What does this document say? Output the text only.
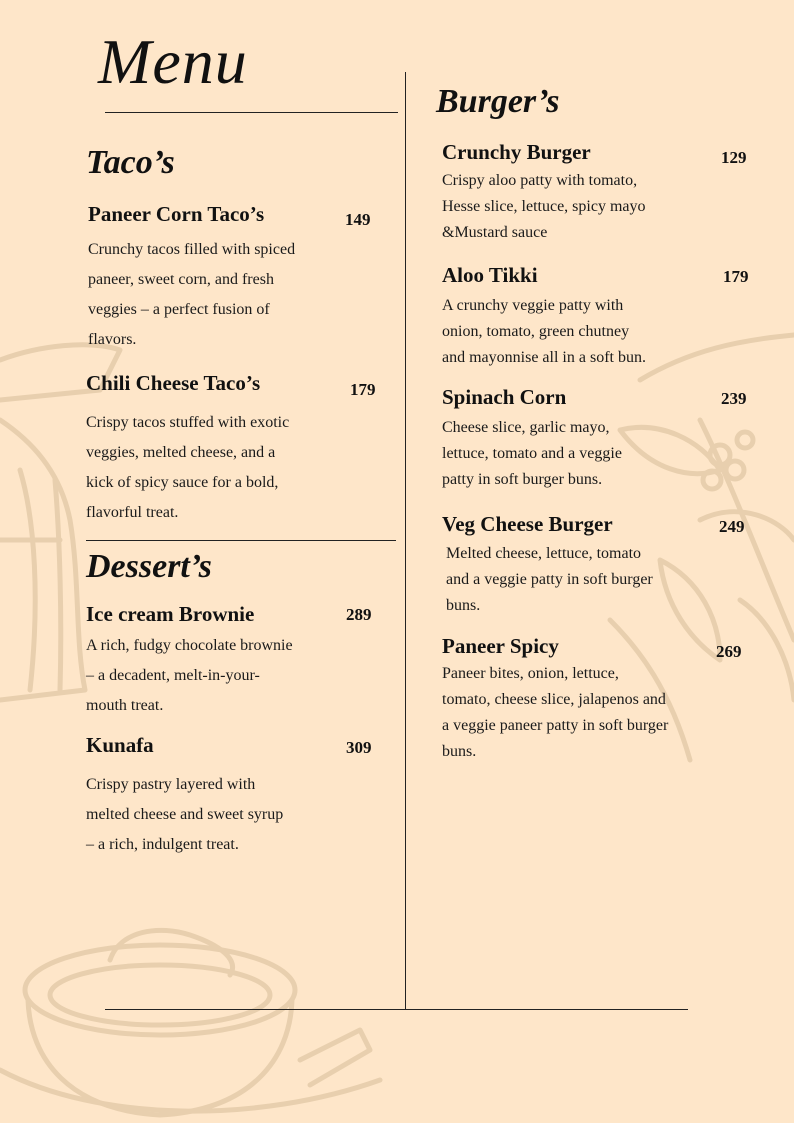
Menu
Taco’s
Paneer Corn Taco’s	149
Crunchy tacos filled with spiced
paneer, sweet corn, and fresh
veggies – a perfect fusion of
flavors.
Chili Cheese Taco’s	179
Crispy tacos stuffed with exotic
veggies, melted cheese, and a
kick of spicy sauce for a bold,
flavorful treat.
Dessert’s
Ice cream Brownie	289
A rich, fudgy chocolate brownie
– a decadent, melt-in-your-
mouth treat.
Kunafa	309
Crispy pastry layered with
melted cheese and sweet syrup
– a rich, indulgent treat.
Burger’s
Crunchy Burger	129
Crispy aloo patty with tomato,
Hesse slice, lettuce, spicy mayo
&Mustard sauce
Aloo Tikki	179
A crunchy veggie patty with
onion, tomato, green chutney
and mayonnise all in a soft bun.
Spinach Corn	239
Cheese slice, garlic mayo,
lettuce, tomato and a veggie
patty in soft burger buns.
Veg Cheese Burger	249
Melted cheese, lettuce, tomato
and a veggie patty in soft burger
buns.
Paneer Spicy	269
Paneer bites, onion, lettuce,
tomato, cheese slice, jalapenos and
a veggie paneer patty in soft burger
buns.
